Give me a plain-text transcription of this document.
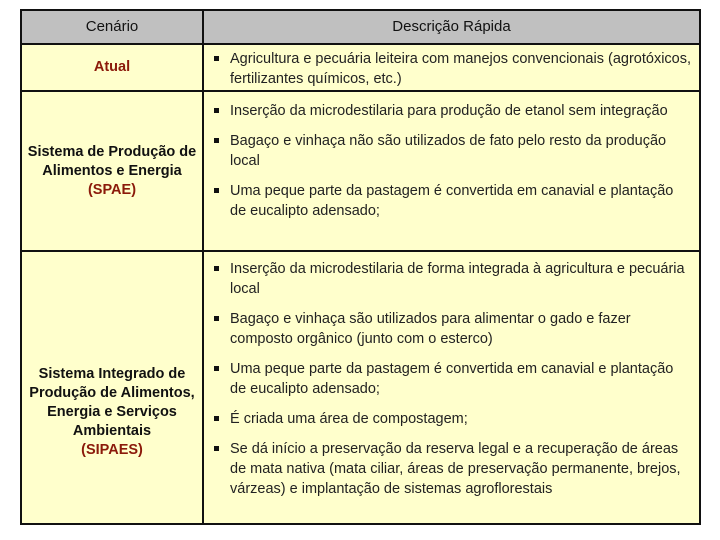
Cenário	Descrição Rápida
Atual	Agricultura e pecuária leiteira com manejos convencionais (agrotóxicos, fertilizantes químicos, etc.)
Sistema de Produção de Alimentos e Energia (SPAE)
Inserção da microdestilaria para produção de etanol sem integração
Bagaço e vinhaça não são utilizados de fato pelo resto da produção local
Uma peque parte da pastagem é convertida em canavial e plantação de eucalipto adensado;
Sistema Integrado de Produção de Alimentos, Energia e Serviços Ambientais
(SIPAES)
Inserção da microdestilaria de forma integrada à agricultura e pecuária local
Bagaço e vinhaça são utilizados para alimentar o gado e fazer composto orgânico (junto com o esterco)
Uma peque parte da pastagem é convertida em canavial e plantação de eucalipto adensado;
É criada uma área de compostagem;
Se dá início a preservação da reserva legal e a recuperação de áreas de mata nativa (mata ciliar, áreas de preservação permanente, brejos, várzeas) e implantação de sistemas agroflorestais
